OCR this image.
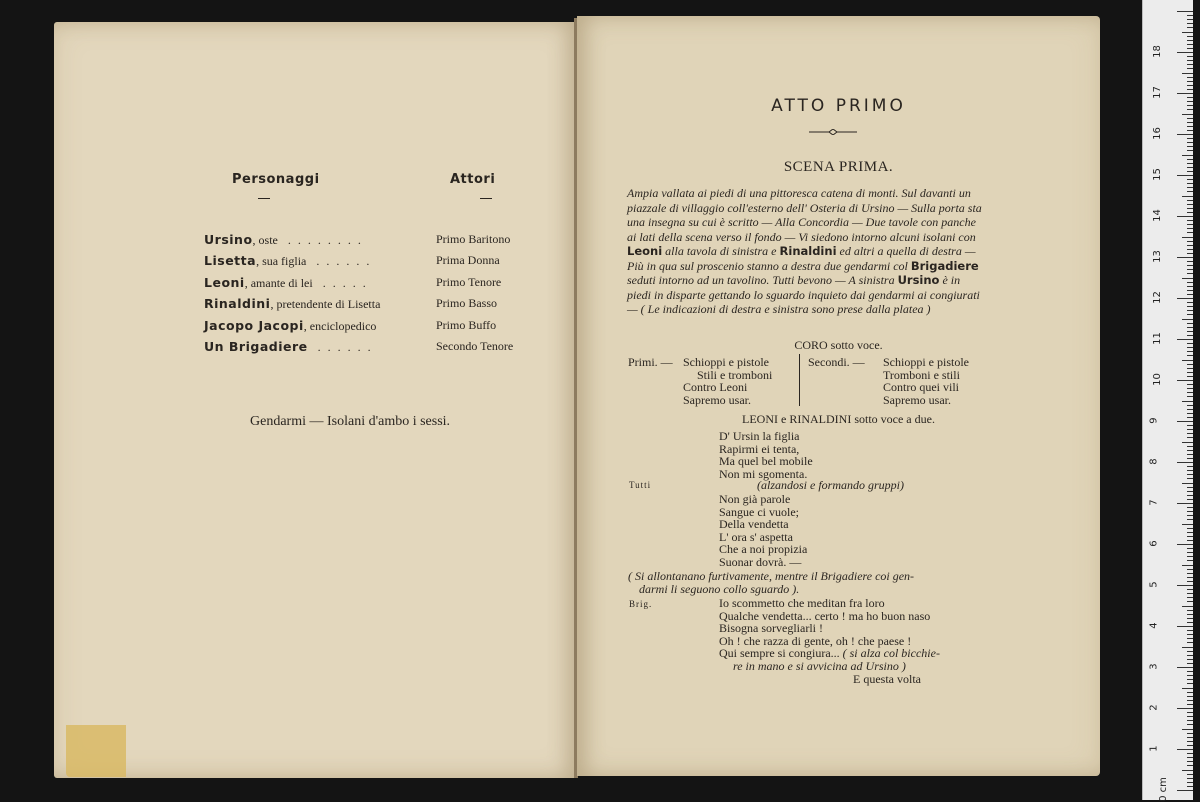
Personaggi	Attori
Ursino, oste . . . . . . . .	Primo Baritono
Lisetta, sua figlia . . . . . .	Prima Donna
Leoni, amante di lei . . . . .	Primo Tenore
Rinaldini, pretendente di Lisetta	Primo Basso
Jacopo Jacopi, enciclopedico	Primo Buffo
Un Brigadiere . . . . . .	Secondo Tenore
Gendarmi — Isolani d'ambo i sessi.
ATTO PRIMO
SCENA PRIMA.
Ampia vallata ai piedi di una pittoresca catena di monti. Sul davanti un piazzale di villaggio coll'esterno dell' Osteria di Ursino — Sulla porta sta una insegna su cui è scritto — Alla Concordia — Due tavole con panche ai lati della scena verso il fondo — Vi siedono intorno alcuni isolani con Leoni alla tavola di sinistra e Rinaldini ed altri a quella di destra — Più in qua sul proscenio stanno a destra due gendarmi col Brigadiere seduti intorno ad un tavolino. Tutti bevono — A sinistra Ursino è in piedi in disparte gettando lo sguardo inquieto dai gendarmi ai congiurati — ( Le indicazioni di destra e sinistra sono prese dalla platea )
CORO sotto voce.
Primi. — Schioppi e pistole
Stili e tromboni
Contro Leoni
Sapremo usar.
Secondi. — Schioppi e pistole
Tromboni e stili
Contro quei vili
Sapremo usar.
LEONI e RINALDINI sotto voce a due.
D' Ursin la figlia
Rapirmi ei tenta,
Ma quel bel mobile
Non mi sgomenta.
Tutti	(alzandosi e formando gruppi)
Non già parole
Sangue ci vuole;
Della vendetta
L' ora s' aspetta
Che a noi propizia
Suonar dovrà. —
( Si allontanano furtivamente, mentre il Brigadiere coi gen-
darmi li seguono collo sguardo ).
Brig.	Io scommetto che meditan fra loro
Qualche vendetta... certo ! ma ho buon naso
Bisogna sorvegliarli !
Oh ! che razza di gente, oh ! che paese !
Qui sempre si congiura... ( si alza col bicchie-
re in mano e si avvicina ad Ursino )
E questa volta
18
17
16
15
14
13
12
11
10
9
8
7
6
5
4
3
2
1
0 cm
